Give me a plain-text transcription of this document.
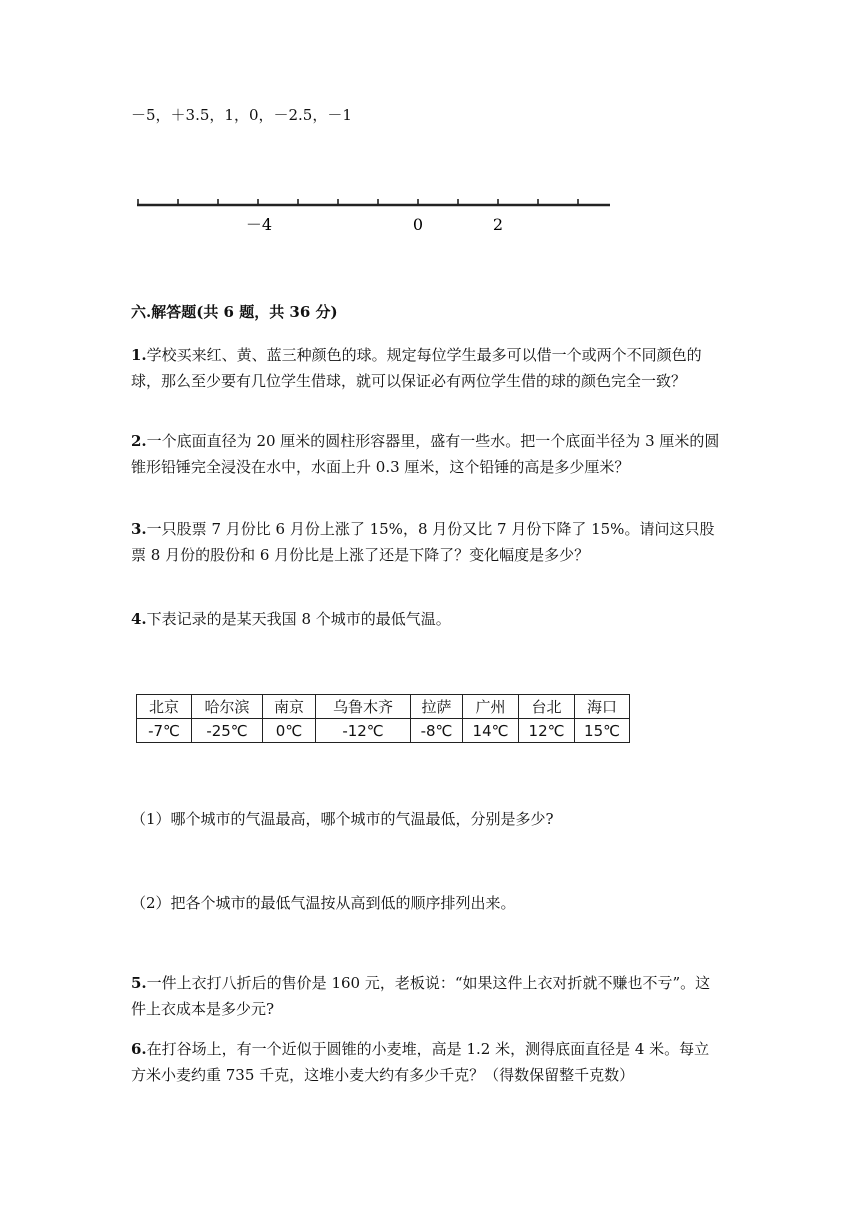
－5，＋3.5，1，0，－2.5，－1
－4	0	2
六.解答题(共 6 题，共 36 分)
1.学校买来红、黄、蓝三种颜色的球。规定每位学生最多可以借一个或两个不同颜色的球，那么至少要有几位学生借球，就可以保证必有两位学生借的球的颜色完全一致？
2.一个底面直径为 20 厘米的圆柱形容器里，盛有一些水。把一个底面半径为 3 厘米的圆锥形铅锤完全浸没在水中，水面上升 0.3 厘米，这个铅锤的高是多少厘米？
3.一只股票 7 月份比 6 月份上涨了 15%，8 月份又比 7 月份下降了 15%。请问这只股票 8 月份的股份和 6 月份比是上涨了还是下降了？变化幅度是多少？
4.下表记录的是某天我国 8 个城市的最低气温。
北京	哈尔滨	南京	乌鲁木齐	拉萨	广州	台北	海口
-7℃	-25℃	0℃	-12℃	-8℃	14℃	12℃	15℃
（1）哪个城市的气温最高，哪个城市的气温最低，分别是多少?
（2）把各个城市的最低气温按从高到低的顺序排列出来。
5.一件上衣打八折后的售价是 160 元，老板说：“如果这件上衣对折就不赚也不亏”。这件上衣成本是多少元?
6.在打谷场上，有一个近似于圆锥的小麦堆，高是 1.2 米，测得底面直径是 4 米。每立方米小麦约重 735 千克，这堆小麦大约有多少千克？（得数保留整千克数）
